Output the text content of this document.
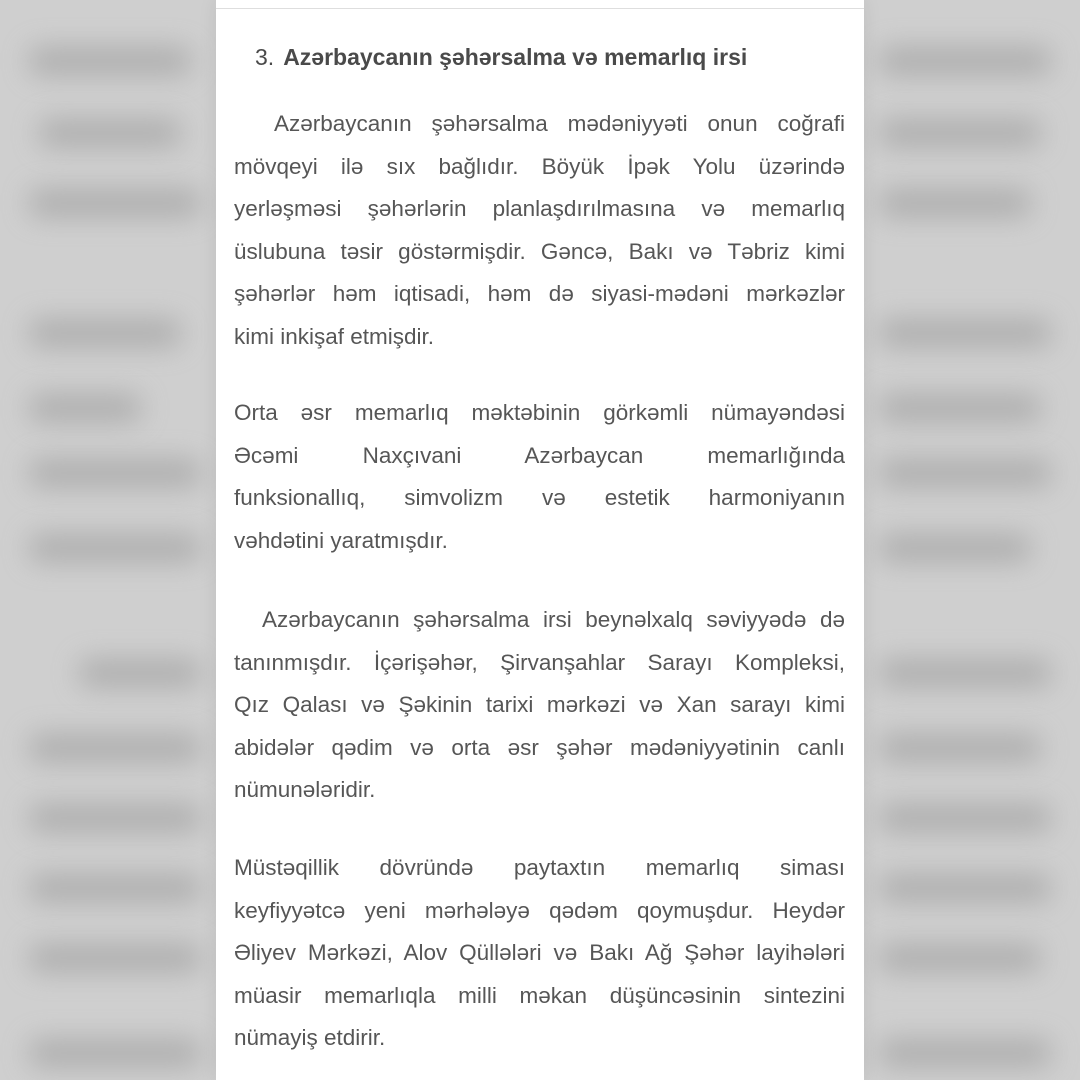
3. Azərbaycanın şəhərsalma və memarlıq irsi
Azərbaycanın şəhərsalma mədəniyyəti onun coğrafi
mövqeyi ilə sıx bağlıdır. Böyük İpək Yolu üzərində
yerləşməsi şəhərlərin planlaşdırılmasına və memarlıq
üslubuna təsir göstərmişdir. Gəncə, Bakı və Təbriz kimi
şəhərlər həm iqtisadi, həm də siyasi-mədəni mərkəzlər
kimi inkişaf etmişdir.
Orta əsr memarlıq məktəbinin görkəmli nümayəndəsi
Əcəmi Naxçıvani Azərbaycan memarlığında
funksionallıq, simvolizm və estetik harmoniyanın
vəhdətini yaratmışdır.
Azərbaycanın şəhərsalma irsi beynəlxalq səviyyədə də
tanınmışdır. İçərişəhər, Şirvanşahlar Sarayı Kompleksi,
Qız Qalası və Şəkinin tarixi mərkəzi və Xan sarayı kimi
abidələr qədim və orta əsr şəhər mədəniyyətinin canlı
nümunələridir.
Müstəqillik dövründə paytaxtın memarlıq siması
keyfiyyətcə yeni mərhələyə qədəm qoymuşdur. Heydər
Əliyev Mərkəzi, Alov Qüllələri və Bakı Ağ Şəhər layihələri
müasir memarlıqla milli məkan düşüncəsinin sintezini
nümayiş etdirir.
